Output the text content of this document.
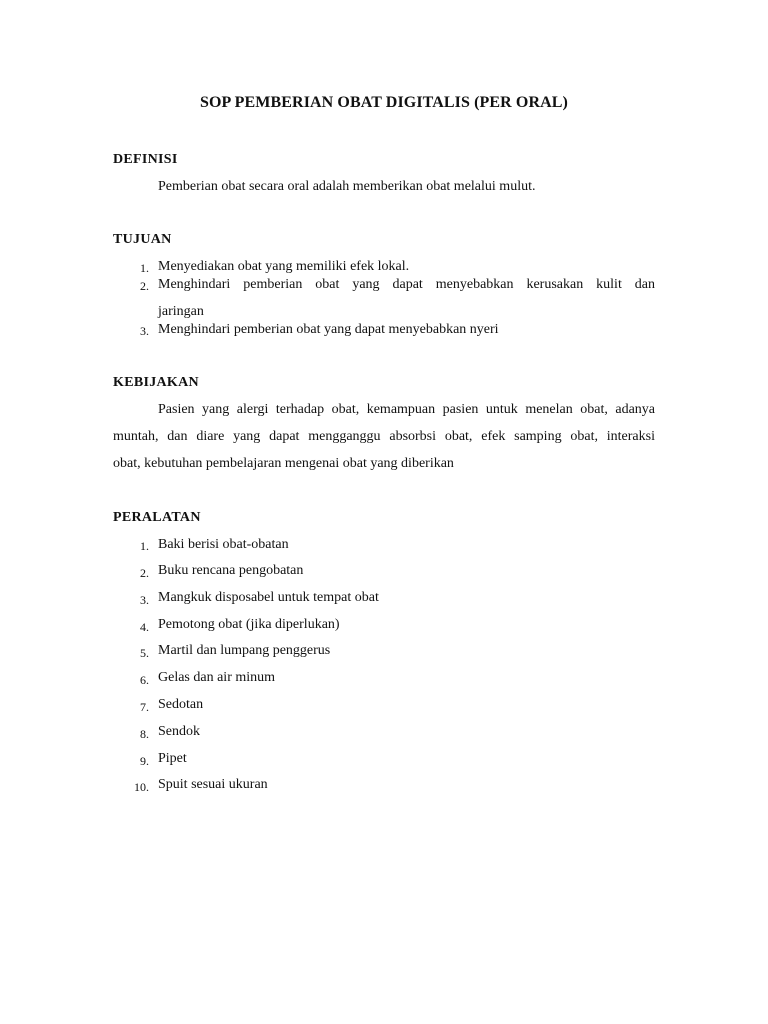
SOP PEMBERIAN OBAT DIGITALIS (PER ORAL)
DEFINISI
Pemberian obat secara oral adalah memberikan obat melalui mulut.
TUJUAN
1. Menyediakan obat yang memiliki efek lokal.
2. Menghindari pemberian obat yang dapat menyebabkan kerusakan kulit dan
jaringan
3. Menghindari pemberian obat yang dapat menyebabkan nyeri
KEBIJAKAN
Pasien yang alergi terhadap obat, kemampuan pasien untuk menelan obat, adanya
muntah, dan diare yang dapat mengganggu absorbsi obat, efek samping obat, interaksi
obat, kebutuhan pembelajaran mengenai obat yang diberikan
PERALATAN
1. Baki berisi obat-obatan
2. Buku rencana pengobatan
3. Mangkuk disposabel untuk tempat obat
4. Pemotong obat (jika diperlukan)
5. Martil dan lumpang penggerus
6. Gelas dan air minum
7. Sedotan
8. Sendok
9. Pipet
10. Spuit sesuai ukuran
